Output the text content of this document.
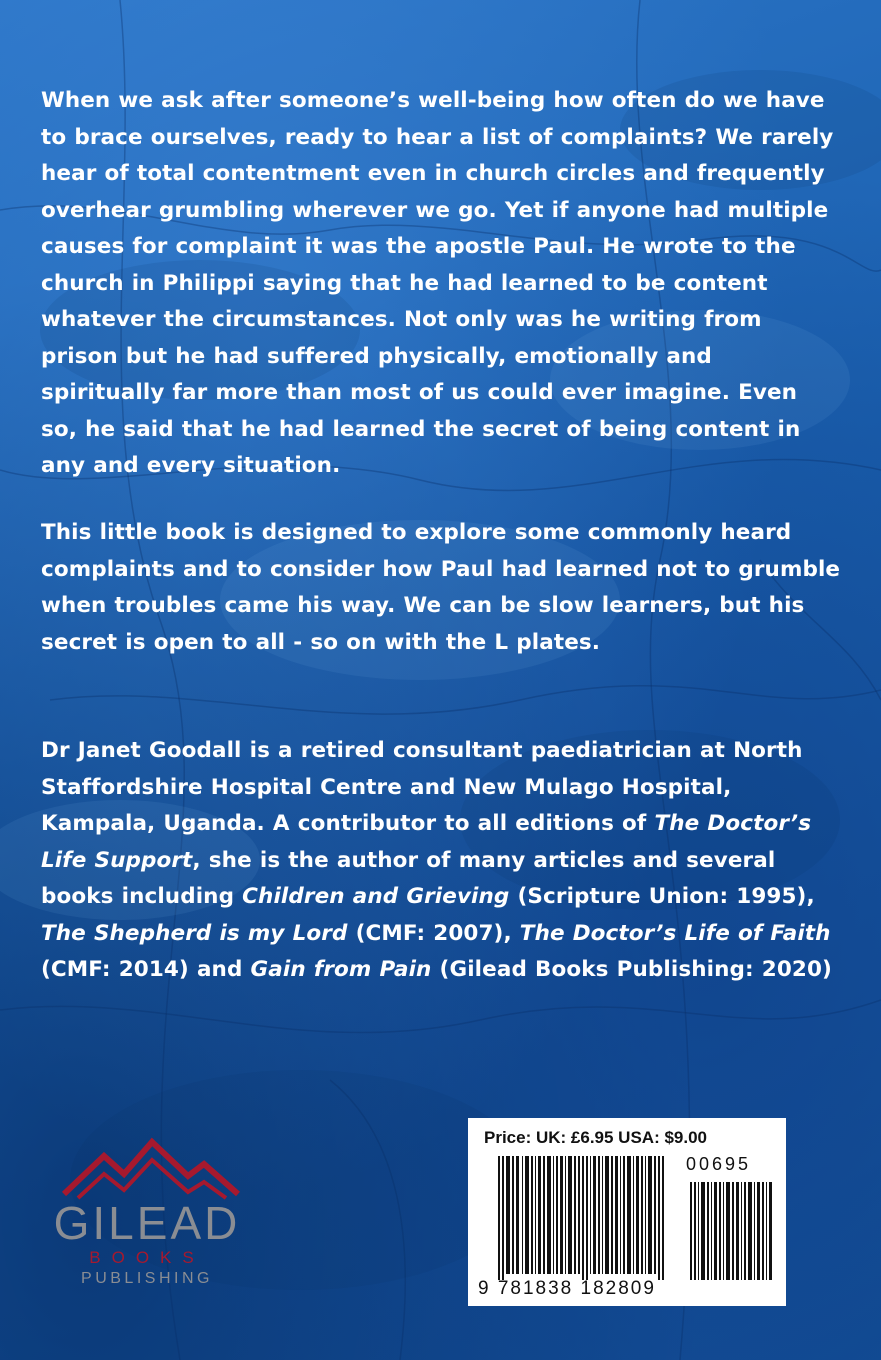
When we ask after someone’s well-being how often do we have to brace ourselves, ready to hear a list of complaints? We rarely hear of total contentment even in church circles and frequently overhear grumbling wherever we go. Yet if anyone had multiple causes for complaint it was the apostle Paul. He wrote to the church in Philippi saying that he had learned to be content whatever the circumstances. Not only was he writing from prison but he had suffered physically, emotionally and spiritually far more than most of us could ever imagine. Even so, he said that he had learned the secret of being content in any and every situation.
This little book is designed to explore some commonly heard complaints and to consider how Paul had learned not to grumble when troubles came his way. We can be slow learners, but his secret is open to all - so on with the L plates.
Dr Janet Goodall is a retired consultant paediatrician at North Staffordshire Hospital Centre and New Mulago Hospital, Kampala, Uganda. A contributor to all editions of The Doctor’s Life Support, she is the author of many articles and several books including Children and Grieving (Scripture Union: 1995), The Shepherd is my Lord (CMF: 2007), The Doctor’s Life of Faith (CMF: 2014) and Gain from Pain (Gilead Books Publishing: 2020)
GILEAD
BOOKS
PUBLISHING
Price: UK: £6.95 USA: $9.00
00695
9 781838 182809
